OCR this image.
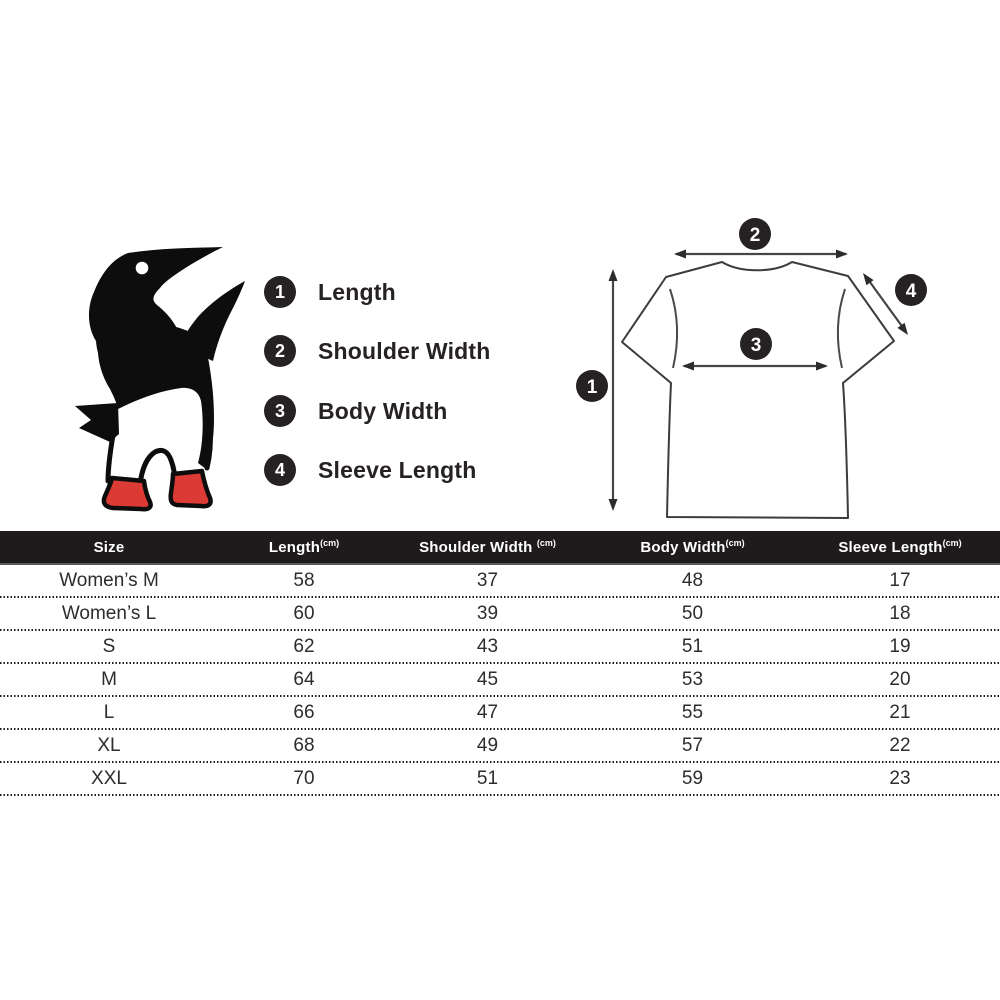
1	Length
2	Shoulder Width
3	Body Width
4	Sleeve Length
1
2
3
4
Size	Length$^{(cm)}$	Shoulder Width $^{(cm)}$	Body Width$^{(cm)}$	Sleeve Length$^{(cm)}$
Women’s M	58	37	48	17
Women’s L	60	39	50	18
S	62	43	51	19
M	64	45	53	20
L	66	47	55	21
XL	68	49	57	22
XXL	70	51	59	23
